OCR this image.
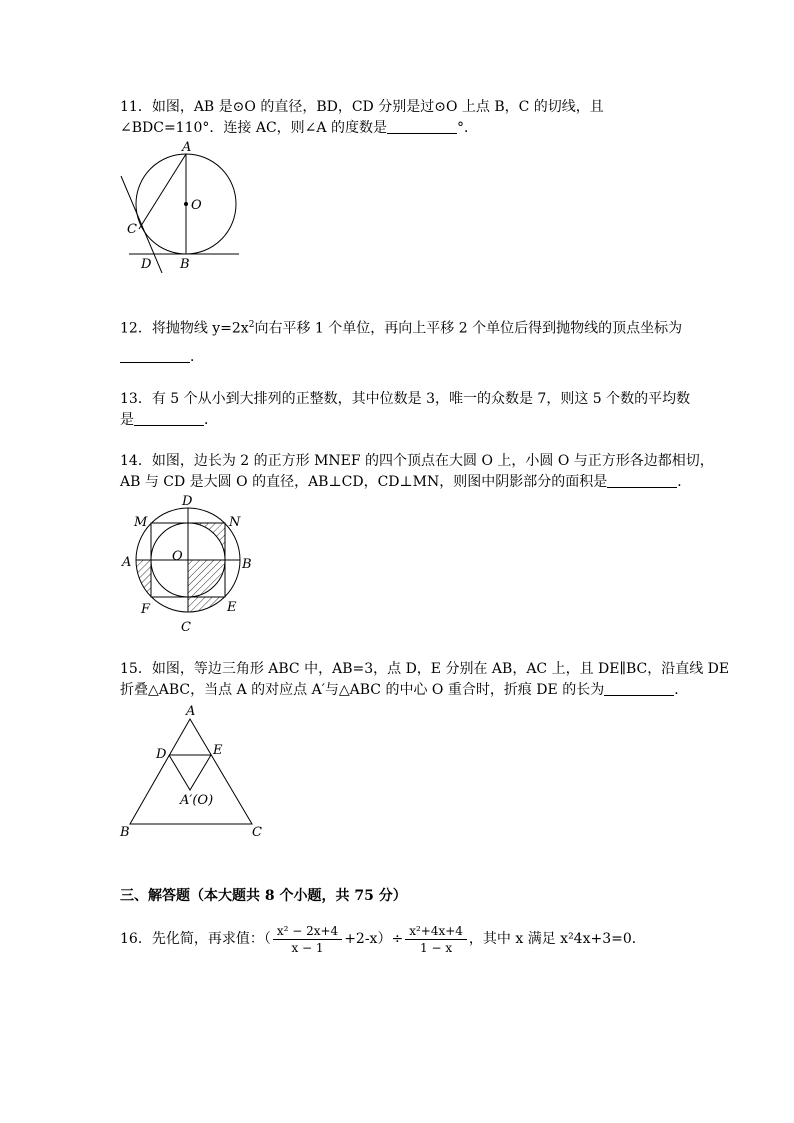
11．如图，AB 是⊙O 的直径，BD，CD 分别是过⊙O 上点 B，C 的切线，且
∠BDC=110°．连接 AC，则∠A 的度数是	°．
A
O
C
D B
12．将抛物线 $y=2x^2$向右平移 1 个单位，再向上平移 2 个单位后得到抛物线的顶点坐标为
．
13．有 5 个从小到大排列的正整数，其中位数是 3，唯一的众数是 7，则这 5 个数的平均数
是	．
14．如图，边长为 2 的正方形 MNEF 的四个顶点在大圆 O 上，小圆 O 与正方形各边都相切，
AB 与 CD 是大圆 O 的直径，AB⊥CD，CD⊥MN，则图中阴影部分的面积是	．
D
M	N
A	O
B
F	E
C
15．如图，等边三角形 ABC 中，AB=3，点 D，E 分别在 AB，AC 上，且 DE∥BC，沿直线 DE
折叠△ABC，当点 A 的对应点 A′与△ABC 的中心 O 重合时，折痕 DE 的长为	．
A
D	E
A′(O)
B	C
三、解答题（本大题共 8 个小题，共 75 分）
16．先化简，再求值：（ $\frac{\text{x² − 2x+4}}{x - 1} +2-x)\div \frac{\text{x²+4x+4}}{1 - x}$ ，其中 x 满足 x²4x+3=0．
